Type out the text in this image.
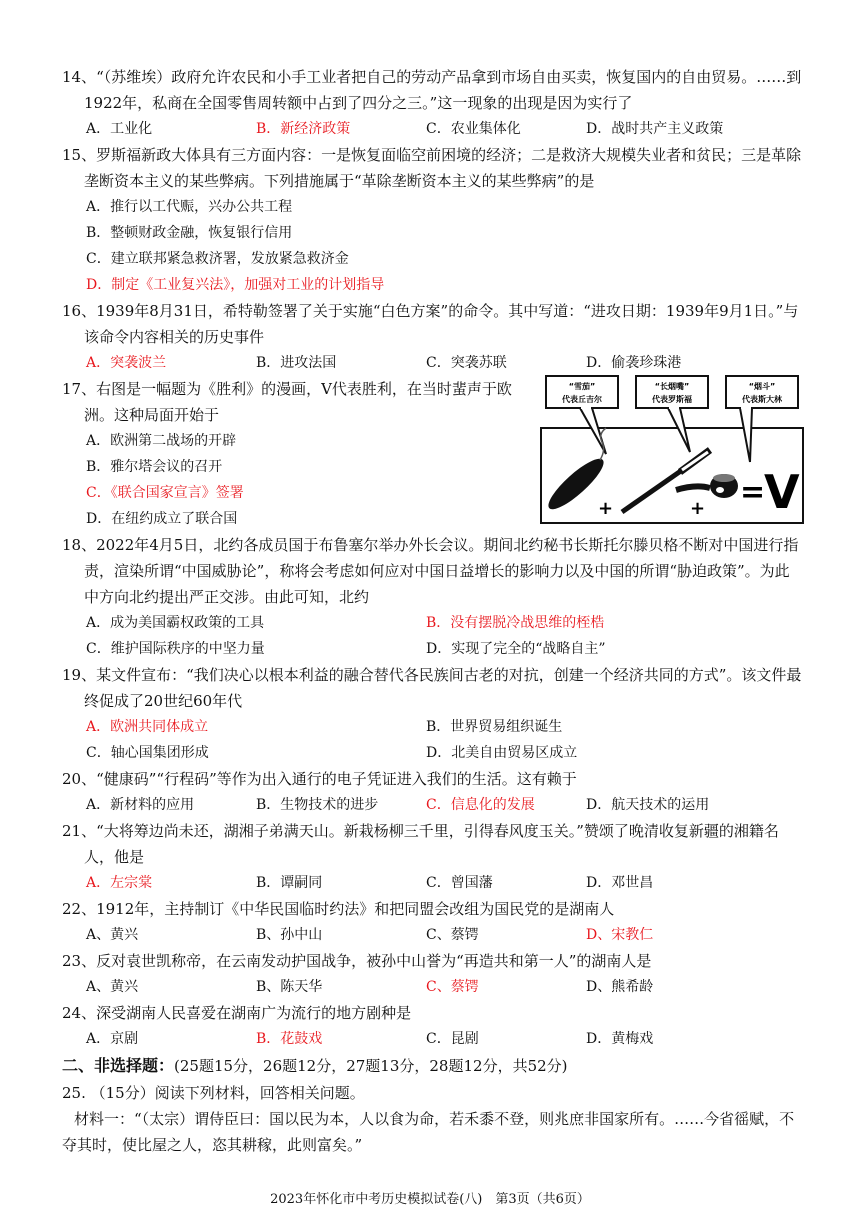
14、“（苏维埃）政府允许农民和小手工业者把自己的劳动产品拿到市场自由买卖，恢复国内的自由贸易。……到1922年，私商在全国零售周转额中占到了四分之三。”这一现象的出现是因为实行了
A．工业化	B．新经济政策	C．农业集体化	D．战时共产主义政策
15、罗斯福新政大体具有三方面内容：一是恢复面临空前困境的经济；二是救济大规模失业者和贫民；三是革除垄断资本主义的某些弊病。下列措施属于“革除垄断资本主义的某些弊病”的是
A．推行以工代赈，兴办公共工程
B．整顿财政金融，恢复银行信用
C．建立联邦紧急救济署，发放紧急救济金
D．制定《工业复兴法》，加强对工业的计划指导
16、1939年8月31日，希特勒签署了关于实施“白色方案”的命令。其中写道：“进攻日期：1939年9月1日。”与该命令内容相关的历史事件
A．突袭波兰	B．进攻法国	C．突袭苏联	D．偷袭珍珠港
17、右图是一幅题为《胜利》的漫画，V代表胜利，在当时蜚声于欧洲。这种局面开始于
A．欧洲第二战场的开辟
B．雅尔塔会议的召开
C．《联合国家宣言》签署
D．在纽约成立了联合国
“雪茄”
代表丘吉尔
“长烟嘴”
代表罗斯福
“烟斗”
代表斯大林
+	+ =
V
18、2022年4月5日，北约各成员国于布鲁塞尔举办外长会议。期间北约秘书长斯托尔滕贝格不断对中国进行指责，渲染所谓“中国威胁论”，称将会考虑如何应对中国日益增长的影响力以及中国的所谓“胁迫政策”。为此中方向北约提出严正交涉。由此可知，北约
A．成为美国霸权政策的工具	B．没有摆脱冷战思维的桎梏
C．维护国际秩序的中坚力量	D．实现了完全的“战略自主”
19、某文件宣布：“我们决心以根本利益的融合替代各民族间古老的对抗，创建一个经济共同的方式”。该文件最终促成了20世纪60年代
A．欧洲共同体成立	B．世界贸易组织诞生
C．轴心国集团形成	D．北美自由贸易区成立
20、“健康码”“行程码”等作为出入通行的电子凭证进入我们的生活。这有赖于
A．新材料的应用	B．生物技术的进步	C．信息化的发展	D．航天技术的运用
21、“大将筹边尚未还，湖湘子弟满天山。新栽杨柳三千里，引得春风度玉关。”赞颂了晚清收复新疆的湘籍名人，他是
A．左宗棠	B．谭嗣同	C．曾国藩	D．邓世昌
22、1912年，主持制订《中华民国临时约法》和把同盟会改组为国民党的是湖南人
A、黄兴	B、孙中山	C、蔡锷	D、宋教仁
23、反对袁世凯称帝，在云南发动护国战争，被孙中山誉为“再造共和第一人”的湖南人是
A、黄兴	B、陈天华	C、蔡锷	D、熊希龄
24、深受湖南人民喜爱在湖南广为流行的地方剧种是
A．京剧	B．花鼓戏	C．昆剧	D．黄梅戏
二、非选择题：(25题15分，26题12分，27题13分，28题12分，共52分)
25. （15分）阅读下列材料，回答相关问题。
材料一：“（太宗）谓侍臣曰：国以民为本，人以食为命，若禾黍不登，则兆庶非国家所有。……今省徭赋，不夺其时，使比屋之人，恣其耕稼，此则富矣。”
2023年怀化市中考历史模拟试卷(八)　第3页（共6页）
